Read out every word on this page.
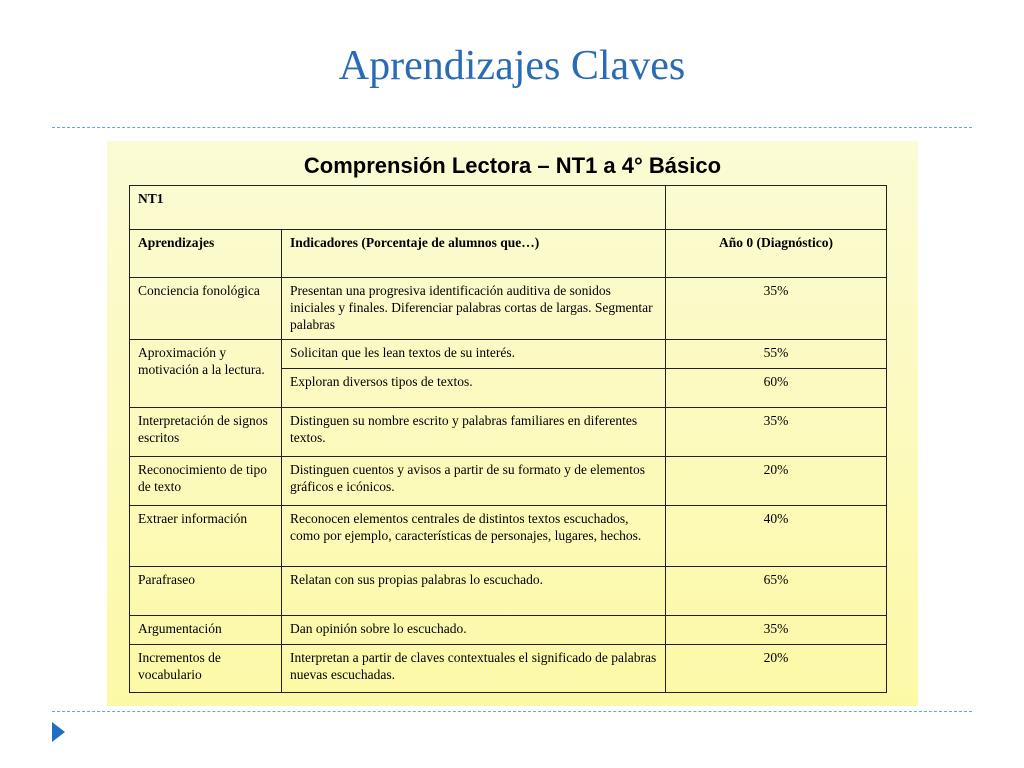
Aprendizajes Claves
Comprensión Lectora – NT1 a 4° Básico
NT1		
Aprendizajes	Indicadores (Porcentaje de alumnos que…)	Año 0 (Diagnóstico)
Conciencia fonológica	Presentan una progresiva identificación auditiva de sonidos iniciales y finales. Diferenciar palabras cortas de largas. Segmentar palabras	35%
Aproximación y motivación a la lectura.	Solicitan que les lean textos de su interés.	55%
	Exploran diversos tipos de textos.	60%
Interpretación de signos escritos	Distinguen su nombre escrito y palabras familiares en diferentes textos.	35%
Reconocimiento de tipo de texto	Distinguen cuentos y avisos a partir de su formato y de elementos gráficos e icónicos.	20%
Extraer información	Reconocen elementos centrales de distintos textos escuchados, como por ejemplo, características de personajes, lugares, hechos.	40%
Parafraseo	Relatan con sus propias palabras lo escuchado.	65%
Argumentación	Dan opinión sobre lo escuchado.	35%
Incrementos de vocabulario	Interpretan a partir de claves contextuales el significado de palabras nuevas escuchadas.	20%
